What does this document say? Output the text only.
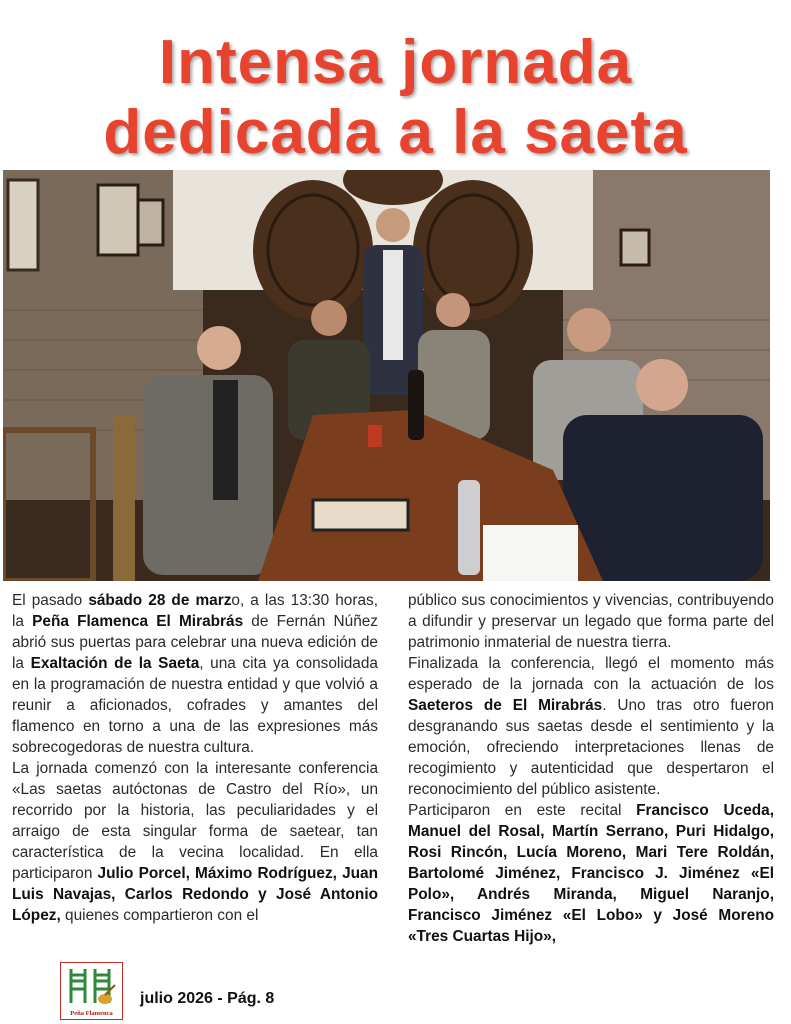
Intensa jornada
dedicada a la saeta

El pasado sábado 28 de marzo, a las 13:30 horas, la Peña Flamenca El Mirabrás de Fernán Núñez abrió sus puertas para celebrar una nueva edición de la Exaltación de la Saeta, una cita ya consolidada en la programación de nuestra entidad y que volvió a reunir a aficionados, cofrades y amantes del flamenco en torno a una de las expresiones más sobrecogedoras de nuestra cultura.

La jornada comenzó con la interesante conferencia «Las saetas autóctonas de Castro del Río», un recorrido por la historia, las peculiaridades y el arraigo de esta singular forma de saetear, tan característica de la vecina localidad. En ella participaron Julio Porcel, Máximo Rodríguez, Juan Luis Navajas, Carlos Redondo y José Antonio López, quienes compartieron con el

público sus conocimientos y vivencias, contribuyendo a difundir y preservar un legado que forma parte del patrimonio inmaterial de nuestra tierra.

Finalizada la conferencia, llegó el momento más esperado de la jornada con la actuación de los Saeteros de El Mirabrás. Uno tras otro fueron desgranando sus saetas desde el sentimiento y la emoción, ofreciendo interpretaciones llenas de recogimiento y autenticidad que despertaron el reconocimiento del público asistente.

Participaron en este recital Francisco Uceda, Manuel del Rosal, Martín Serrano, Puri Hidalgo, Rosi Rincón, Lucía Moreno, Mari Tere Roldán, Bartolomé Jiménez, Francisco J. Jiménez «El Polo», Andrés Miranda, Miguel Naranjo, Francisco Jiménez «El Lobo» y José Moreno «Tres Cuartas Hijo»,

Peña Flamenca
julio 2026 - Pág. 8
